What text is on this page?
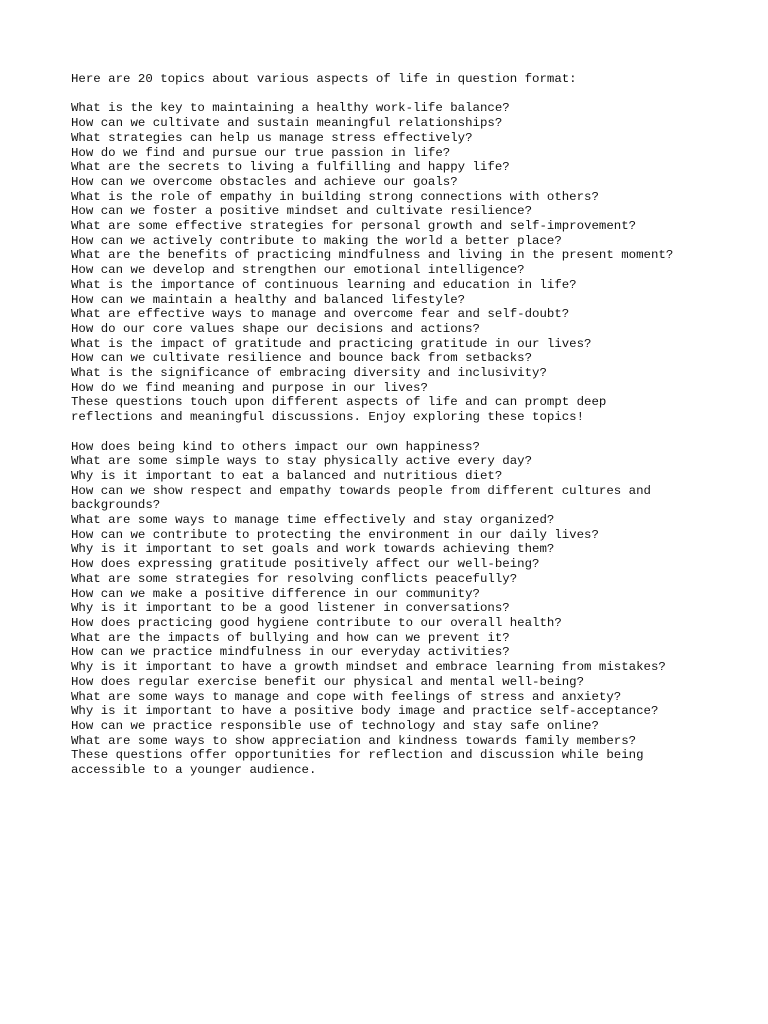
Here are 20 topics about various aspects of life in question format:
What is the key to maintaining a healthy work-life balance?
How can we cultivate and sustain meaningful relationships?
What strategies can help us manage stress effectively?
How do we find and pursue our true passion in life?
What are the secrets to living a fulfilling and happy life?
How can we overcome obstacles and achieve our goals?
What is the role of empathy in building strong connections with others?
How can we foster a positive mindset and cultivate resilience?
What are some effective strategies for personal growth and self-improvement?
How can we actively contribute to making the world a better place?
What are the benefits of practicing mindfulness and living in the present moment?
How can we develop and strengthen our emotional intelligence?
What is the importance of continuous learning and education in life?
How can we maintain a healthy and balanced lifestyle?
What are effective ways to manage and overcome fear and self-doubt?
How do our core values shape our decisions and actions?
What is the impact of gratitude and practicing gratitude in our lives?
How can we cultivate resilience and bounce back from setbacks?
What is the significance of embracing diversity and inclusivity?
How do we find meaning and purpose in our lives?
These questions touch upon different aspects of life and can prompt deep
reflections and meaningful discussions. Enjoy exploring these topics!
How does being kind to others impact our own happiness?
What are some simple ways to stay physically active every day?
Why is it important to eat a balanced and nutritious diet?
How can we show respect and empathy towards people from different cultures and
backgrounds?
What are some ways to manage time effectively and stay organized?
How can we contribute to protecting the environment in our daily lives?
Why is it important to set goals and work towards achieving them?
How does expressing gratitude positively affect our well-being?
What are some strategies for resolving conflicts peacefully?
How can we make a positive difference in our community?
Why is it important to be a good listener in conversations?
How does practicing good hygiene contribute to our overall health?
What are the impacts of bullying and how can we prevent it?
How can we practice mindfulness in our everyday activities?
Why is it important to have a growth mindset and embrace learning from mistakes?
How does regular exercise benefit our physical and mental well-being?
What are some ways to manage and cope with feelings of stress and anxiety?
Why is it important to have a positive body image and practice self-acceptance?
How can we practice responsible use of technology and stay safe online?
What are some ways to show appreciation and kindness towards family members?
These questions offer opportunities for reflection and discussion while being
accessible to a younger audience.
